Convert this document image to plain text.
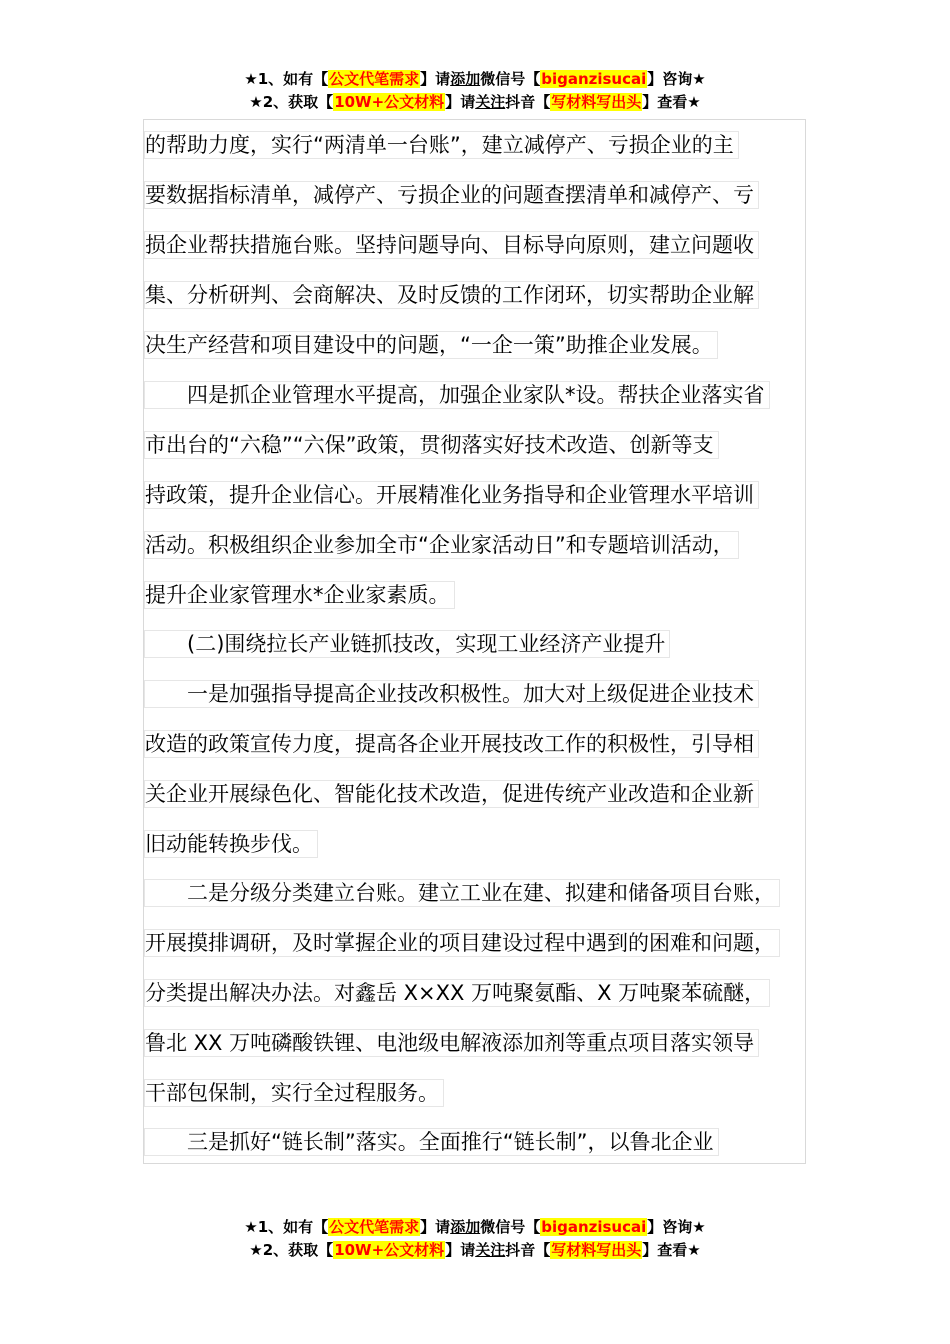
★1、如有【公文代笔需求】请添加微信号【biganzisucai】咨询★
★2、获取【10W+公文材料】请关注抖音【写材料写出头】查看★
的帮助力度，实行“两清单一台账”，建立减停产、亏损企业的主
要数据指标清单，减停产、亏损企业的问题查摆清单和减停产、亏
损企业帮扶措施台账。坚持问题导向、目标导向原则，建立问题收
集、分析研判、会商解决、及时反馈的工作闭环，切实帮助企业解
决生产经营和项目建设中的问题，“一企一策”助推企业发展。
　　四是抓企业管理水平提高，加强企业家队*设。帮扶企业落实省
市出台的“六稳”“六保”政策，贯彻落实好技术改造、创新等支
持政策，提升企业信心。开展精准化业务指导和企业管理水平培训
活动。积极组织企业参加全市“企业家活动日”和专题培训活动，
提升企业家管理水*企业家素质。
　　(二)围绕拉长产业链抓技改，实现工业经济产业提升
　　一是加强指导提高企业技改积极性。加大对上级促进企业技术
改造的政策宣传力度，提高各企业开展技改工作的积极性，引导相
关企业开展绿色化、智能化技术改造，促进传统产业改造和企业新
旧动能转换步伐。
　　二是分级分类建立台账。建立工业在建、拟建和储备项目台账，
开展摸排调研，及时掌握企业的项目建设过程中遇到的困难和问题，
分类提出解决办法。对鑫岳 X×XX 万吨聚氨酯、X 万吨聚苯硫醚，
鲁北 XX 万吨磷酸铁锂、电池级电解液添加剂等重点项目落实领导
干部包保制，实行全过程服务。
　　三是抓好“链长制”落实。全面推行“链长制”，以鲁北企业
★1、如有【公文代笔需求】请添加微信号【biganzisucai】咨询★
★2、获取【10W+公文材料】请关注抖音【写材料写出头】查看★
